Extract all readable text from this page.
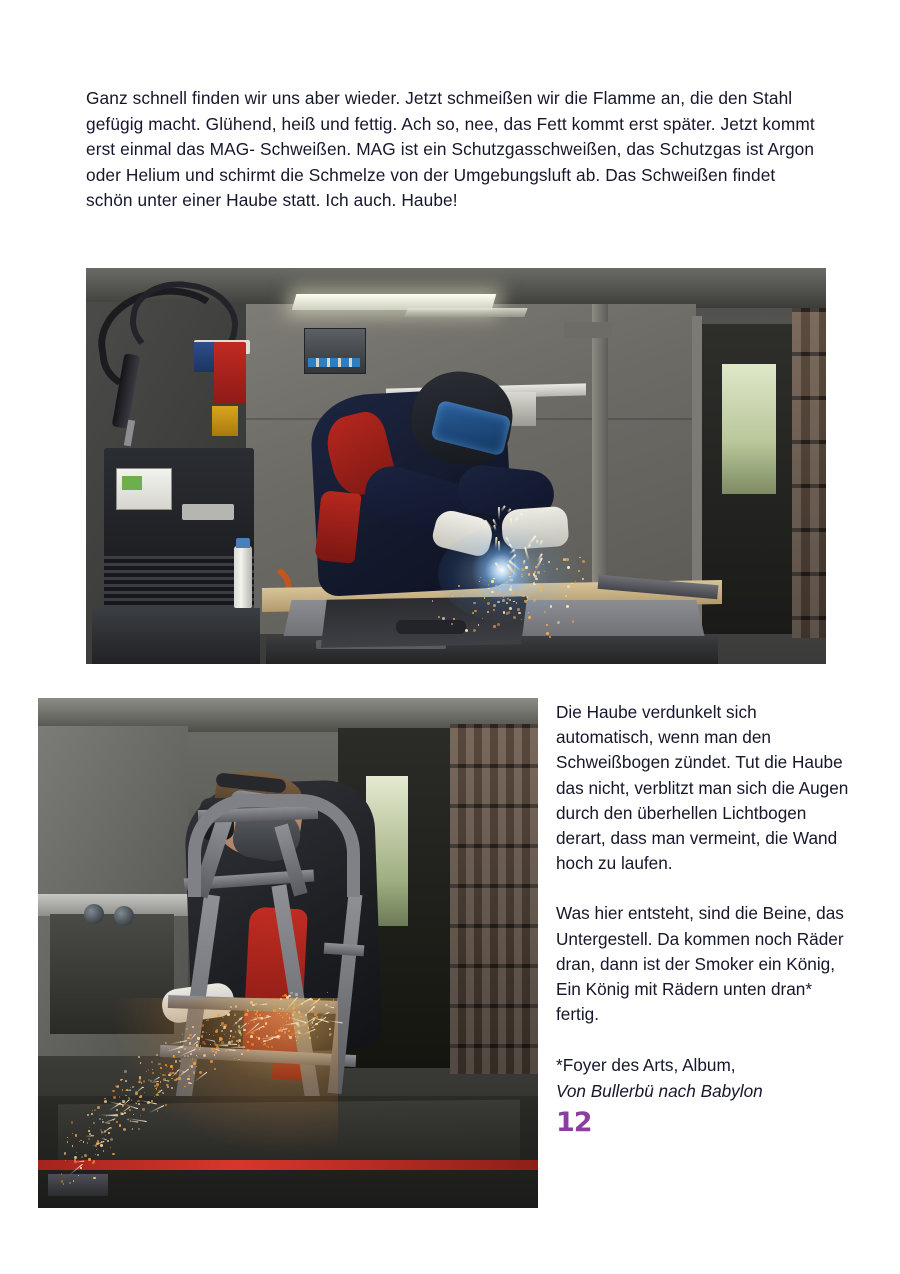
Ganz schnell finden wir uns aber wieder. Jetzt schmeißen wir die Flamme an, die den Stahl gefügig macht. Glühend, heiß und fettig. Ach so, nee, das Fett kommt erst später. Jetzt kommt erst einmal das MAG- Schweißen. MAG ist ein Schutzgasschweißen, das Schutzgas ist Argon oder Helium und schirmt die Schmelze von der Umgebungsluft ab. Das Schweißen findet schön unter einer Haube statt. Ich auch. Haube!

Die Haube verdunkelt sich automatisch, wenn man den Schweißbogen zündet. Tut die Haube das nicht, verblitzt man sich die Augen durch den überhellen Lichtbogen derart, dass man vermeint, die Wand hoch zu laufen.

Was hier entsteht, sind die Beine, das Untergestell. Da kommen noch Räder dran, dann ist der Smoker ein König, Ein König mit Rädern unten dran* fertig.

*Foyer des Arts, Album,

Von Bullerbü nach Babylon

12
